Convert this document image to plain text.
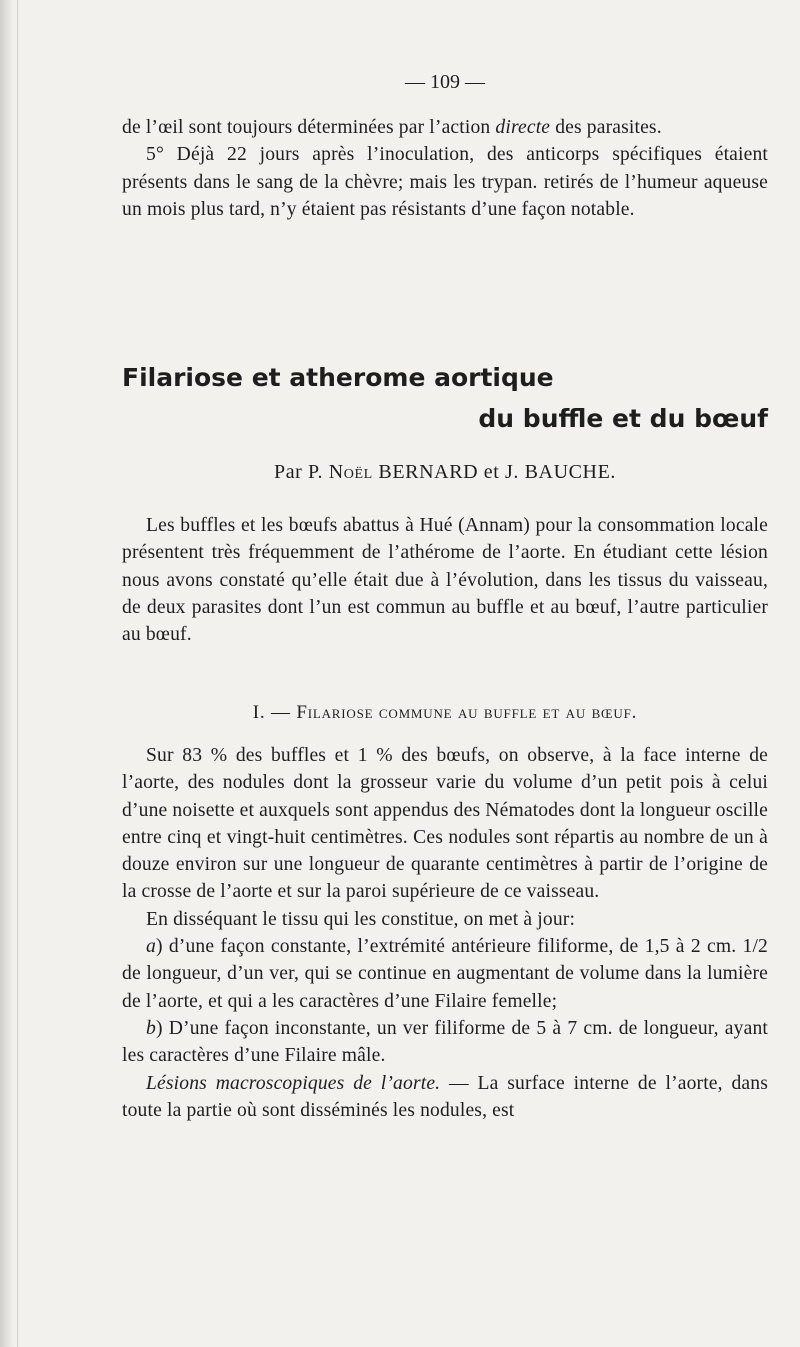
— 109 —

de l’œil sont toujours déterminées par l’action directe des parasites.

5° Déjà 22 jours après l’inoculation, des anticorps spécifiques étaient présents dans le sang de la chèvre; mais les trypan. retirés de l’humeur aqueuse un mois plus tard, n’y étaient pas résistants d’une façon notable.

Filariose et atherome aortique
du buffle et du bœuf
Par P. Noël BERNARD et J. BAUCHE.

Les buffles et les bœufs abattus à Hué (Annam) pour la consommation locale présentent très fréquemment de l’athérome de l’aorte. En étudiant cette lésion nous avons constaté qu’elle était due à l’évolution, dans les tissus du vaisseau, de deux parasites dont l’un est commun au buffle et au bœuf, l’autre particulier au bœuf.

I. — Filariose commune au buffle et au bœuf.

Sur 83 % des buffles et 1 % des bœufs, on observe, à la face interne de l’aorte, des nodules dont la grosseur varie du volume d’un petit pois à celui d’une noisette et auxquels sont appendus des Nématodes dont la longueur oscille entre cinq et vingt-huit centimètres. Ces nodules sont répartis au nombre de un à douze environ sur une longueur de quarante centimètres à partir de l’origine de la crosse de l’aorte et sur la paroi supérieure de ce vaisseau.

En disséquant le tissu qui les constitue, on met à jour:

a) d’une façon constante, l’extrémité antérieure filiforme, de 1,5 à 2 cm. 1/2 de longueur, d’un ver, qui se continue en augmentant de volume dans la lumière de l’aorte, et qui a les caractères d’une Filaire femelle;

b) D’une façon inconstante, un ver filiforme de 5 à 7 cm. de longueur, ayant les caractères d’une Filaire mâle.

Lésions macroscopiques de l’aorte. — La surface interne de l’aorte, dans toute la partie où sont disséminés les nodules, est
